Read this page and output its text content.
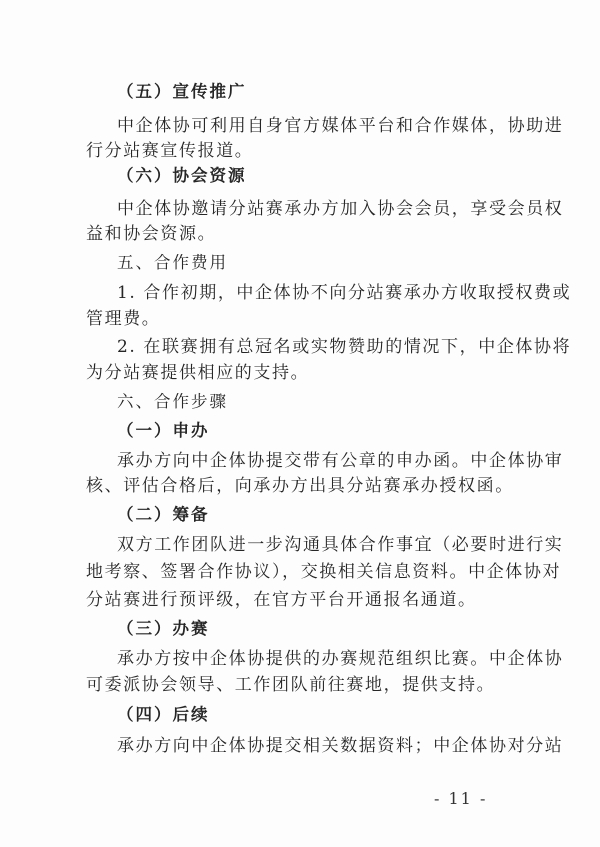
（五）宣传推广
中企体协可利用自身官方媒体平台和合作媒体，协助进
行分站赛宣传报道。
（六）协会资源
中企体协邀请分站赛承办方加入协会会员，享受会员权
益和协会资源。
五、合作费用
1. 合作初期，中企体协不向分站赛承办方收取授权费或
管理费。
2. 在联赛拥有总冠名或实物赞助的情况下，中企体协将
为分站赛提供相应的支持。
六、合作步骤
（一）申办
承办方向中企体协提交带有公章的申办函。中企体协审
核、评估合格后，向承办方出具分站赛承办授权函。
（二）筹备
双方工作团队进一步沟通具体合作事宜（必要时进行实
地考察、签署合作协议），交换相关信息资料。中企体协对
分站赛进行预评级，在官方平台开通报名通道。
（三）办赛
承办方按中企体协提供的办赛规范组织比赛。中企体协
可委派协会领导、工作团队前往赛地，提供支持。
（四）后续
承办方向中企体协提交相关数据资料；中企体协对分站
- 11 -
